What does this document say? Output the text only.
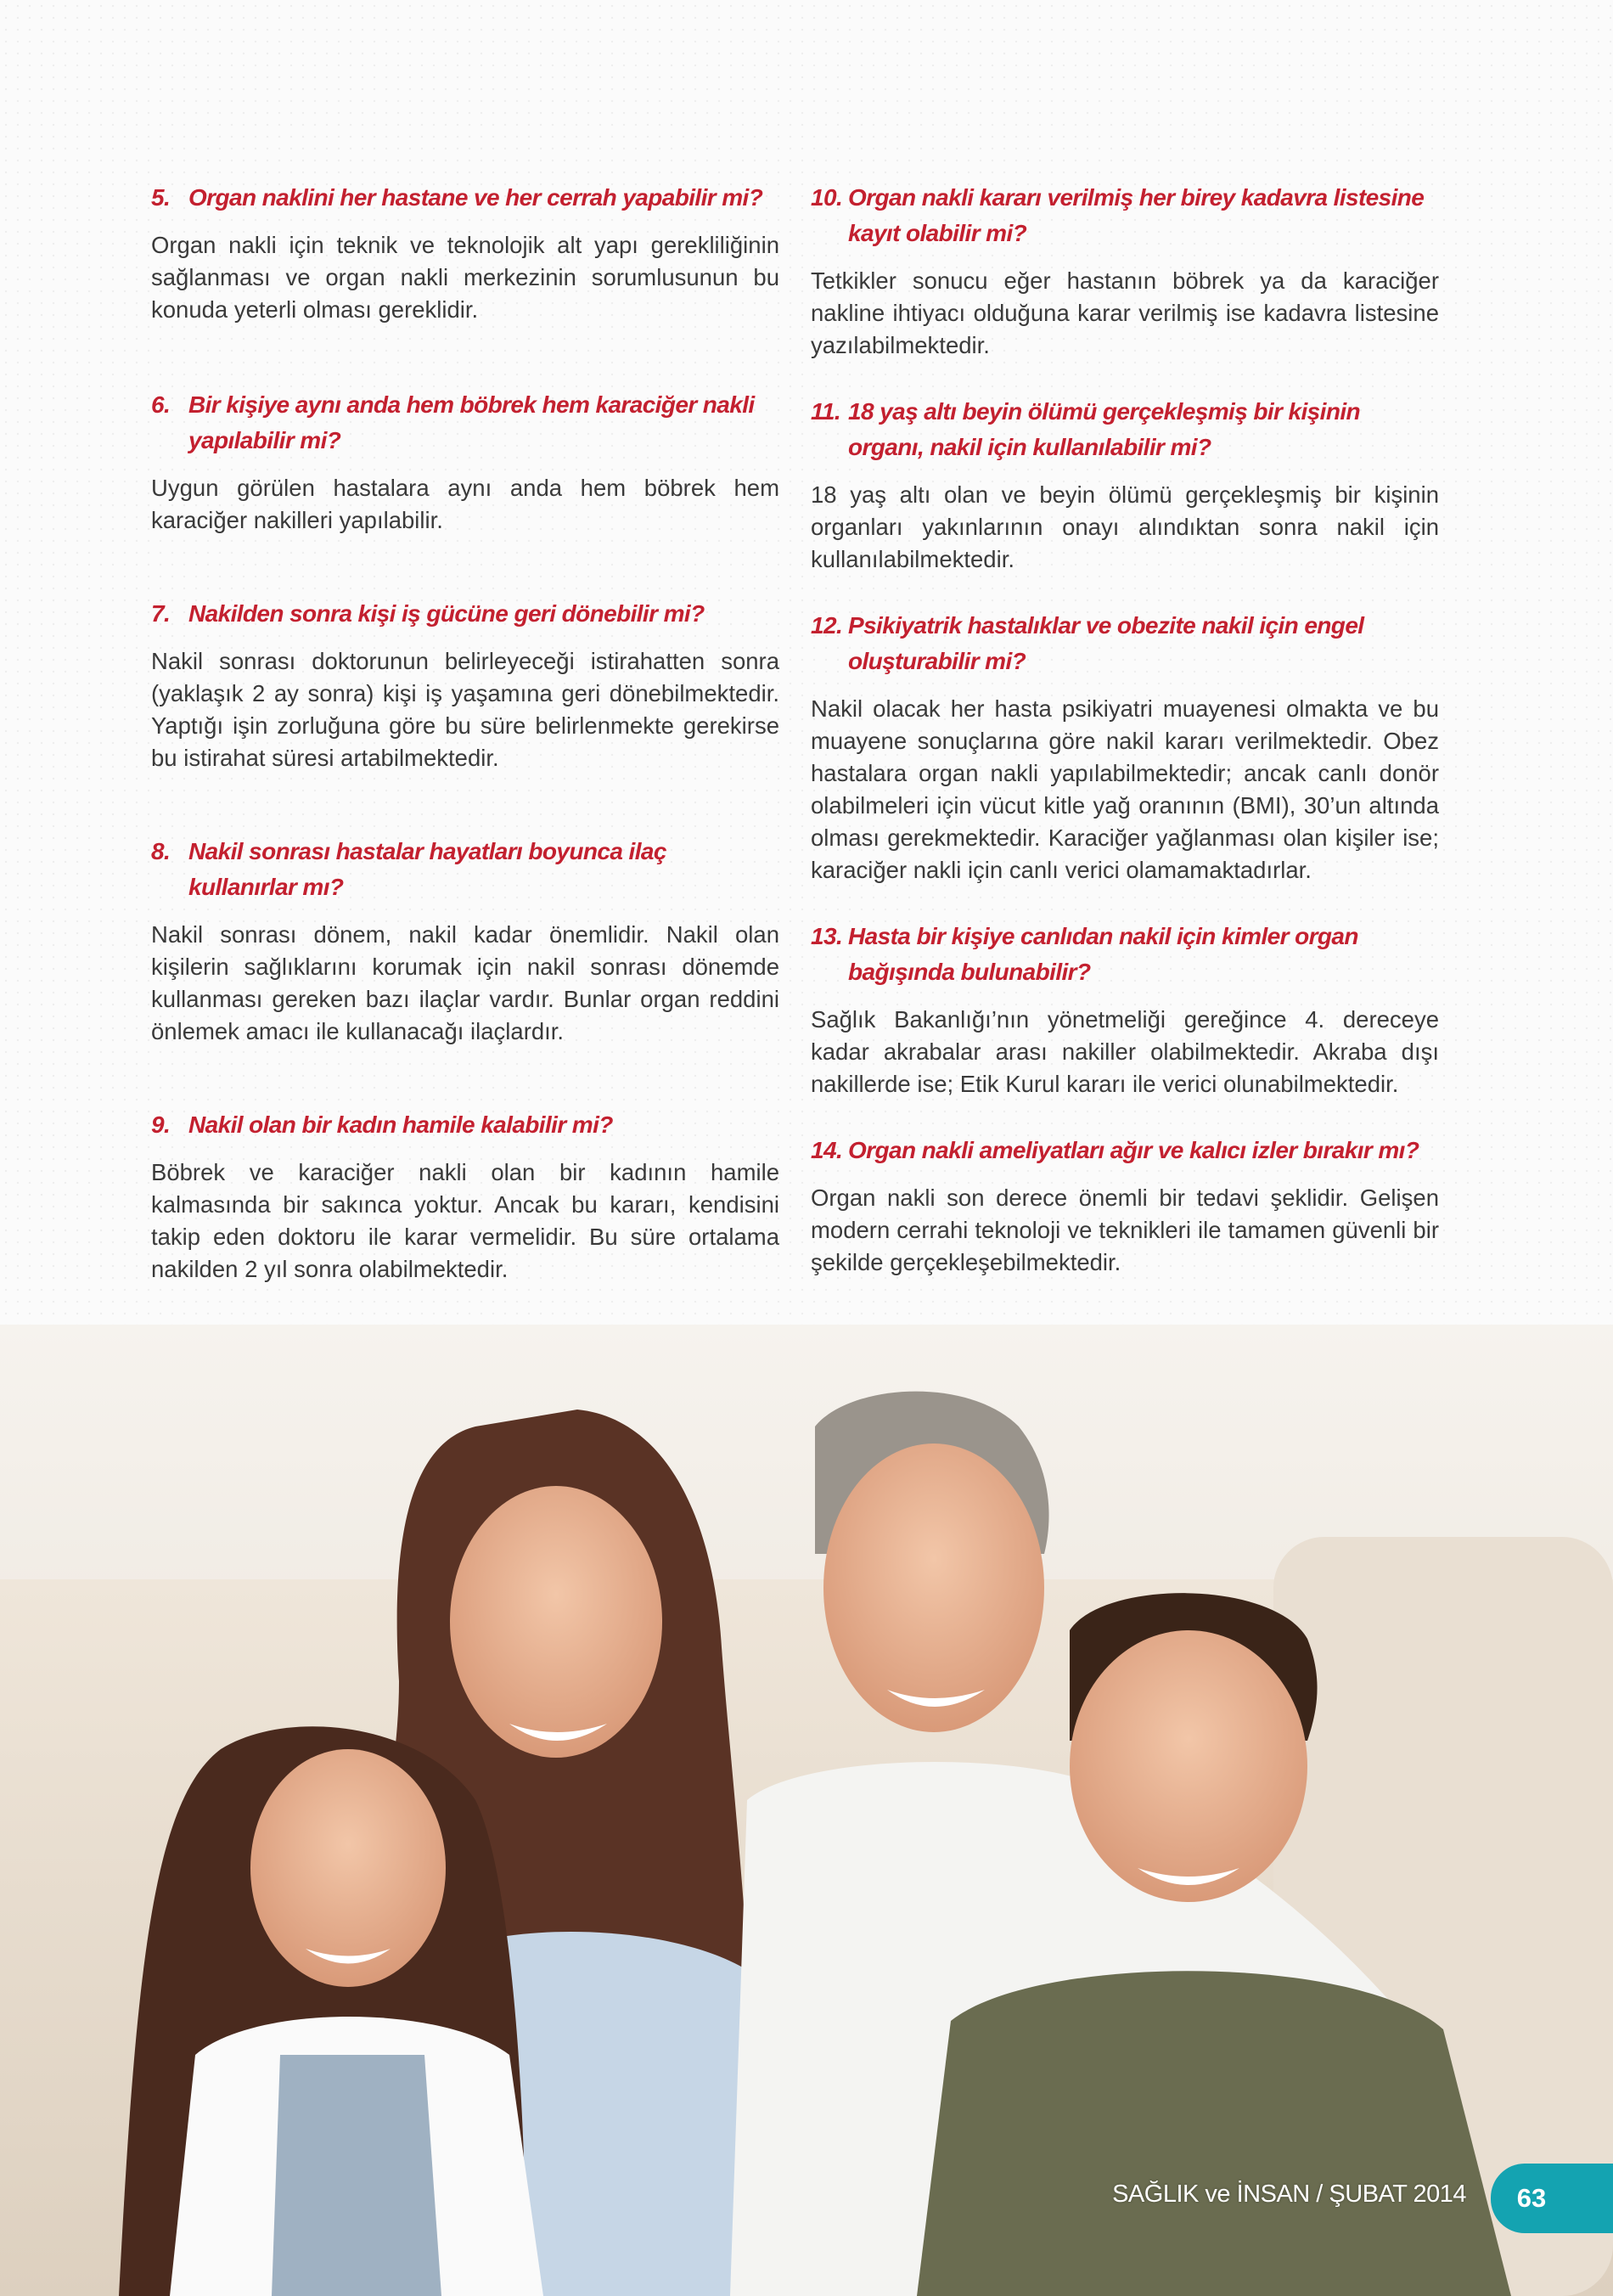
5. Organ naklini her hastane ve her cerrah yapabilir mi?

Organ nakli için teknik ve teknolojik alt yapı gerekliliğinin sağlanması ve organ nakli merkezinin sorumlusunun bu konuda yeterli olması gereklidir.

6. Bir kişiye aynı anda hem böbrek hem karaciğer nakli yapılabilir mi?

Uygun görülen hastalara aynı anda hem böbrek hem karaciğer nakilleri yapılabilir.

7. Nakilden sonra kişi iş gücüne geri dönebilir mi?

Nakil sonrası doktorunun belirleyeceği istirahatten sonra (yaklaşık 2 ay sonra) kişi iş yaşamına geri dönebilmektedir. Yaptığı işin zorluğuna göre bu süre belirlenmekte gerekirse bu istirahat süresi artabilmektedir.

8. Nakil sonrası hastalar hayatları boyunca ilaç kullanırlar mı?

Nakil sonrası dönem, nakil kadar önemlidir. Nakil olan kişilerin sağlıklarını korumak için nakil sonrası dönemde kullanması gereken bazı ilaçlar vardır. Bunlar organ reddini önlemek amacı ile kullanacağı ilaçlardır.

9. Nakil olan bir kadın hamile kalabilir mi?

Böbrek ve karaciğer nakli olan bir kadının hamile kalmasında bir sakınca yoktur. Ancak bu kararı, kendisini takip eden doktoru ile karar vermelidir. Bu süre ortalama nakilden 2 yıl sonra olabilmektedir.

10. Organ nakli kararı verilmiş her birey kadavra listesine kayıt olabilir mi?

Tetkikler sonucu eğer hastanın böbrek ya da karaciğer nakline ihtiyacı olduğuna karar verilmiş ise kadavra listesine yazılabilmektedir.

11. 18 yaş altı beyin ölümü gerçekleşmiş bir kişinin organı, nakil için kullanılabilir mi?

18 yaş altı olan ve beyin ölümü gerçekleşmiş bir kişinin organları yakınlarının onayı alındıktan sonra nakil için kullanılabilmektedir.

12. Psikiyatrik hastalıklar ve obezite nakil için engel oluşturabilir mi?

Nakil olacak her hasta psikiyatri muayenesi olmakta ve bu muayene sonuçlarına göre nakil kararı verilmektedir. Obez hastalara organ nakli yapılabilmektedir; ancak canlı donör olabilmeleri için vücut kitle yağ oranının (BMI), 30’un altında olması gerekmektedir. Karaciğer yağlanması olan kişiler ise; karaciğer nakli için canlı verici olamamaktadırlar.

13. Hasta bir kişiye canlıdan nakil için kimler organ bağışında bulunabilir?

Sağlık Bakanlığı’nın yönetmeliği gereğince 4. dereceye kadar akrabalar arası nakiller olabilmektedir. Akraba dışı nakillerde ise; Etik Kurul kararı ile verici olunabilmektedir.

14. Organ nakli ameliyatları ağır ve kalıcı izler bırakır mı?

Organ nakli son derece önemli bir tedavi şeklidir. Gelişen modern cerrahi teknoloji ve teknikleri ile tamamen güvenli bir şekilde gerçekleşebilmektedir.

63
SAĞLIK ve İNSAN / ŞUBAT 2014
